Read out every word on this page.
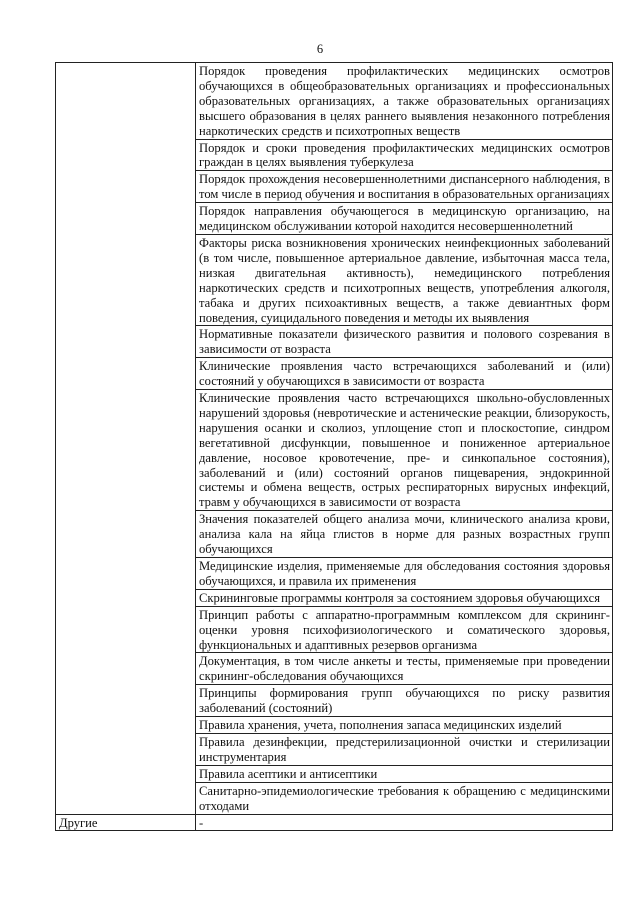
6
	Порядок проведения профилактических медицинских осмотров обучающихся в общеобразовательных организациях и профессиональных образовательных организациях, а также образовательных организациях высшего образования в целях раннего выявления незаконного потребления наркотических средств и психотропных веществ
	Порядок и сроки проведения профилактических медицинских осмотров граждан в целях выявления туберкулеза
	Порядок прохождения несовершеннолетними диспансерного наблюдения, в том числе в период обучения и воспитания в образовательных организациях
	Порядок направления обучающегося в медицинскую организацию, на медицинском обслуживании которой находится несовершеннолетний
	Факторы риска возникновения хронических неинфекционных заболеваний (в том числе, повышенное артериальное давление, избыточная масса тела, низкая двигательная активность), немедицинского потребления наркотических средств и психотропных веществ, употребления алкоголя, табака и других психоактивных веществ, а также девиантных форм поведения, суицидального поведения и методы их выявления
	Нормативные показатели физического развития и полового созревания в зависимости от возраста
	Клинические проявления часто встречающихся заболеваний и (или) состояний у обучающихся в зависимости от возраста
	Клинические проявления часто встречающихся школьно-обусловленных нарушений здоровья (невротические и астенические реакции, близорукость, нарушения осанки и сколиоз, уплощение стоп и плоскостопие, синдром вегетативной дисфункции, повышенное и пониженное артериальное давление, носовое кровотечение, пре- и синкопальное состояния), заболеваний и (или) состояний органов пищеварения, эндокринной системы и обмена веществ, острых респираторных вирусных инфекций, травм у обучающихся в зависимости от возраста
	Значения показателей общего анализа мочи, клинического анализа крови, анализа кала на яйца глистов в норме для разных возрастных групп обучающихся
	Медицинские изделия, применяемые для обследования состояния здоровья обучающихся, и правила их применения
	Скрининговые программы контроля за состоянием здоровья обучающихся
	Принцип работы с аппаратно-программным комплексом для скрининг-оценки уровня психофизиологического и соматического здоровья, функциональных и адаптивных резервов организма
	Документация, в том числе анкеты и тесты, применяемые при проведении скрининг-обследования обучающихся
	Принципы формирования групп обучающихся по риску развития заболеваний (состояний)
	Правила хранения, учета, пополнения запаса медицинских изделий
	Правила дезинфекции, предстерилизационной очистки и стерилизации инструментария
	Правила асептики и антисептики
	Санитарно-эпидемиологические требования к обращению с медицинскими отходами
Другие	-
